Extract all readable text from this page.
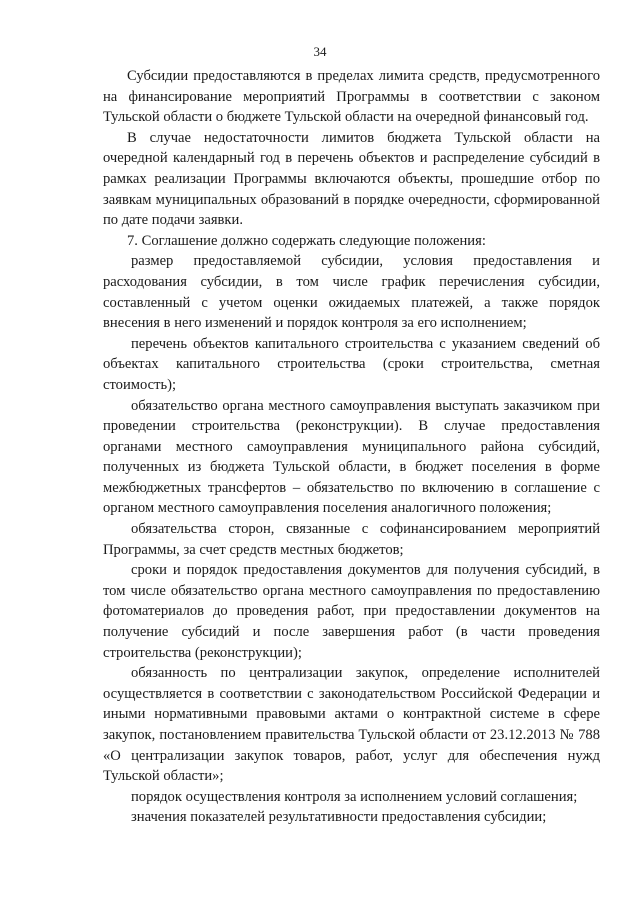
34

Субсидии предоставляются в пределах лимита средств, предусмотренного на финансирование мероприятий Программы в соответствии с законом Тульской области о бюджете Тульской области на очередной финансовый год.

В случае недостаточности лимитов бюджета Тульской области на очередной календарный год в перечень объектов и распределение субсидий в рамках реализации Программы включаются объекты, прошедшие отбор по заявкам муниципальных образований в порядке очередности, сформированной по дате подачи заявки.

7. Соглашение должно содержать следующие положения:

размер предоставляемой субсидии, условия предоставления и расходования субсидии, в том числе график перечисления субсидии, составленный с учетом оценки ожидаемых платежей, а также порядок внесения в него изменений и порядок контроля за его исполнением;

перечень объектов капитального строительства с указанием сведений об объектах капитального строительства (сроки строительства, сметная стоимость);

обязательство органа местного самоуправления выступать заказчиком при проведении строительства (реконструкции). В случае предоставления органами местного самоуправления муниципального района субсидий, полученных из бюджета Тульской области, в бюджет поселения в форме межбюджетных трансфертов – обязательство по включению в соглашение с органом местного самоуправления поселения аналогичного положения;

обязательства сторон, связанные с софинансированием мероприятий Программы, за счет средств местных бюджетов;

сроки и порядок предоставления документов для получения субсидий, в том числе обязательство органа местного самоуправления по предоставлению фотоматериалов до проведения работ, при предоставлении документов на получение субсидий и после завершения работ (в части проведения строительства (реконструкции);

обязанность по централизации закупок, определение исполнителей осуществляется в соответствии с законодательством Российской Федерации и иными нормативными правовыми актами о контрактной системе в сфере закупок, постановлением правительства Тульской области от 23.12.2013 № 788 «О централизации закупок товаров, работ, услуг для обеспечения нужд Тульской области»;

порядок осуществления контроля за исполнением условий соглашения;

значения показателей результативности предоставления субсидии;
